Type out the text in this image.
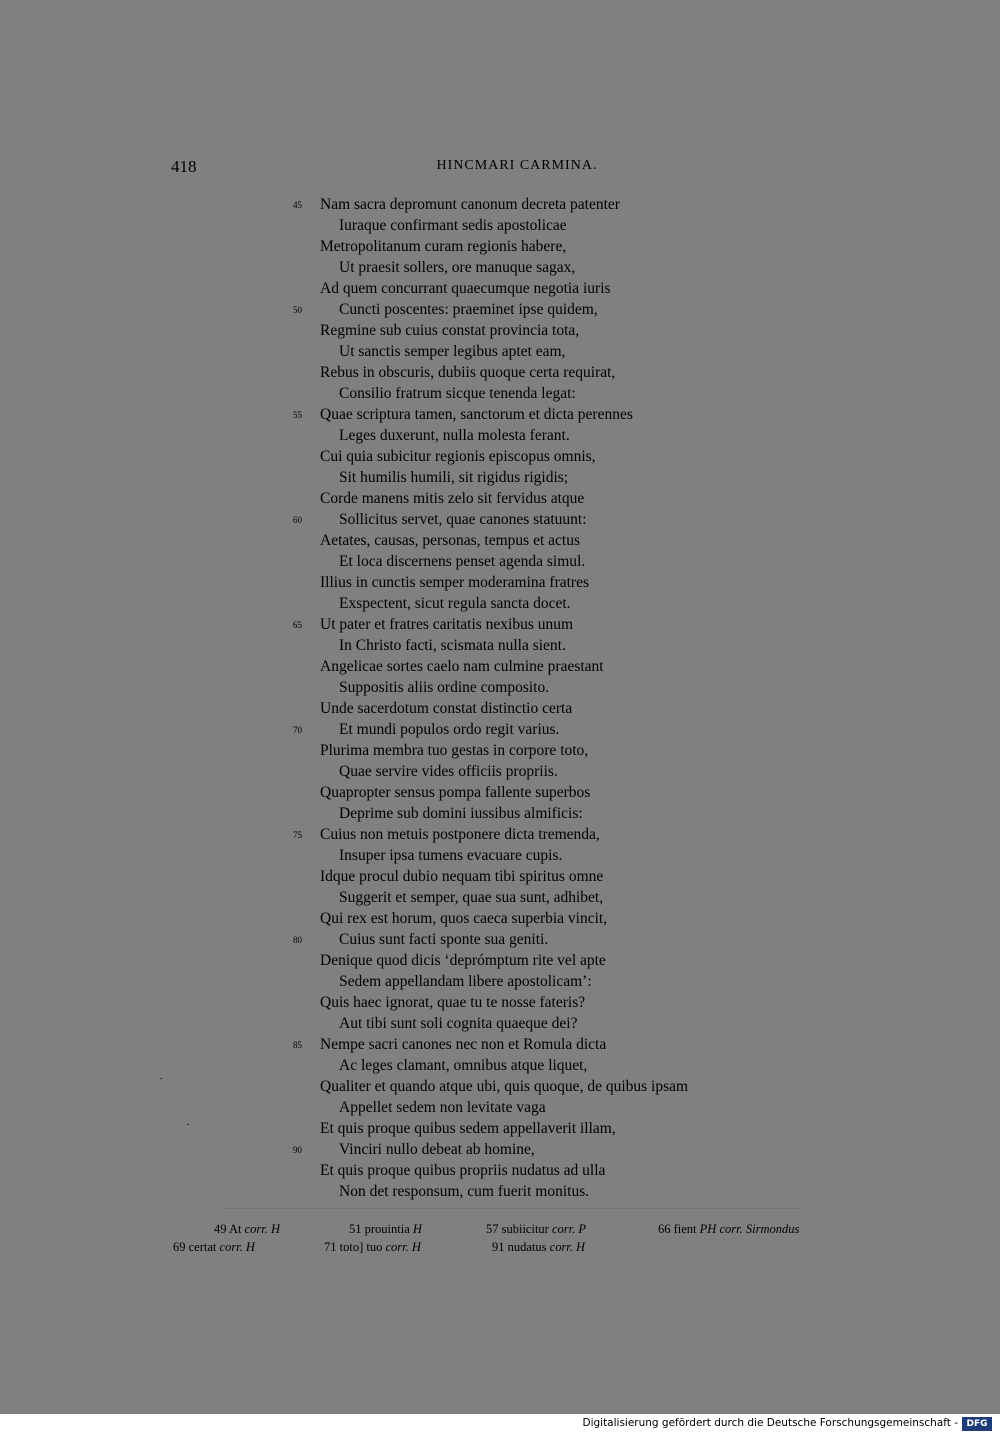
418	HINCMARI CARMINA.
45	Nam sacra depromunt canonum decreta patenter
Iuraque confirmant sedis apostolicae
Metropolitanum curam regionis habere,
Ut praesit sollers, ore manuque sagax,
Ad quem concurrant quaecumque negotia iuris
50	Cuncti poscentes: praeminet ipse quidem,
Regmine sub cuius constat provincia tota,
Ut sanctis semper legibus aptet eam,
Rebus in obscuris, dubiis quoque certa requirat,
Consilio fratrum sicque tenenda legat:
55	Quae scriptura tamen, sanctorum et dicta perennes
Leges duxerunt, nulla molesta ferant.
Cui quia subicitur regionis episcopus omnis,
Sit humilis humili, sit rigidus rigidis;
Corde manens mitis zelo sit fervidus atque
60	Sollicitus servet, quae canones statuunt:
Aetates, causas, personas, tempus et actus
Et loca discernens penset agenda simul.
Illius in cunctis semper moderamina fratres
Exspectent, sicut regula sancta docet.
65	Ut pater et fratres caritatis nexibus unum
In Christo facti, scismata nulla sient.
Angelicae sortes caelo nam culmine praestant
Suppositis aliis ordine composito.
Unde sacerdotum constat distinctio certa
70	Et mundi populos ordo regit varius.
Plurima membra tuo gestas in corpore toto,
Quae servire vides officiis propriis.
Quapropter sensus pompa fallente superbos
Deprime sub domini iussibus almificis:
75	Cuius non metuis postponere dicta tremenda,
Insuper ipsa tumens evacuare cupis.
Idque procul dubio nequam tibi spiritus omne
Suggerit et semper, quae sua sunt, adhibet,
Qui rex est horum, quos caeca superbia vincit,
80	Cuius sunt facti sponte sua geniti.
Denique quod dicis ‘deprómptum rite vel apte
Sedem appellandam libere apostolicam’:
Quis haec ignorat, quae tu te nosse fateris?
Aut tibi sunt soli cognita quaeque dei?
85	Nempe sacri canones nec non et Romula dicta
Ac leges clamant, omnibus atque liquet,
Qualiter et quando atque ubi, quis quoque, de quibus ipsam
Appellet sedem non levitate vaga
Et quis proque quibus sedem appellaverit illam,
90	Vinciri nullo debeat ab homine,
Et quis proque quibus propriis nudatus ad ulla
Non det responsum, cum fuerit monitus.
49 At corr. H	51 prouintia H	57 subiicitur corr. P	66 fient PH corr. Sirmondus
69 certat corr. H	71 toto] tuo corr. H	91 nudatus corr. H
Digitalisierung gefördert durch die Deutsche Forschungsgemeinschaft - DFG
